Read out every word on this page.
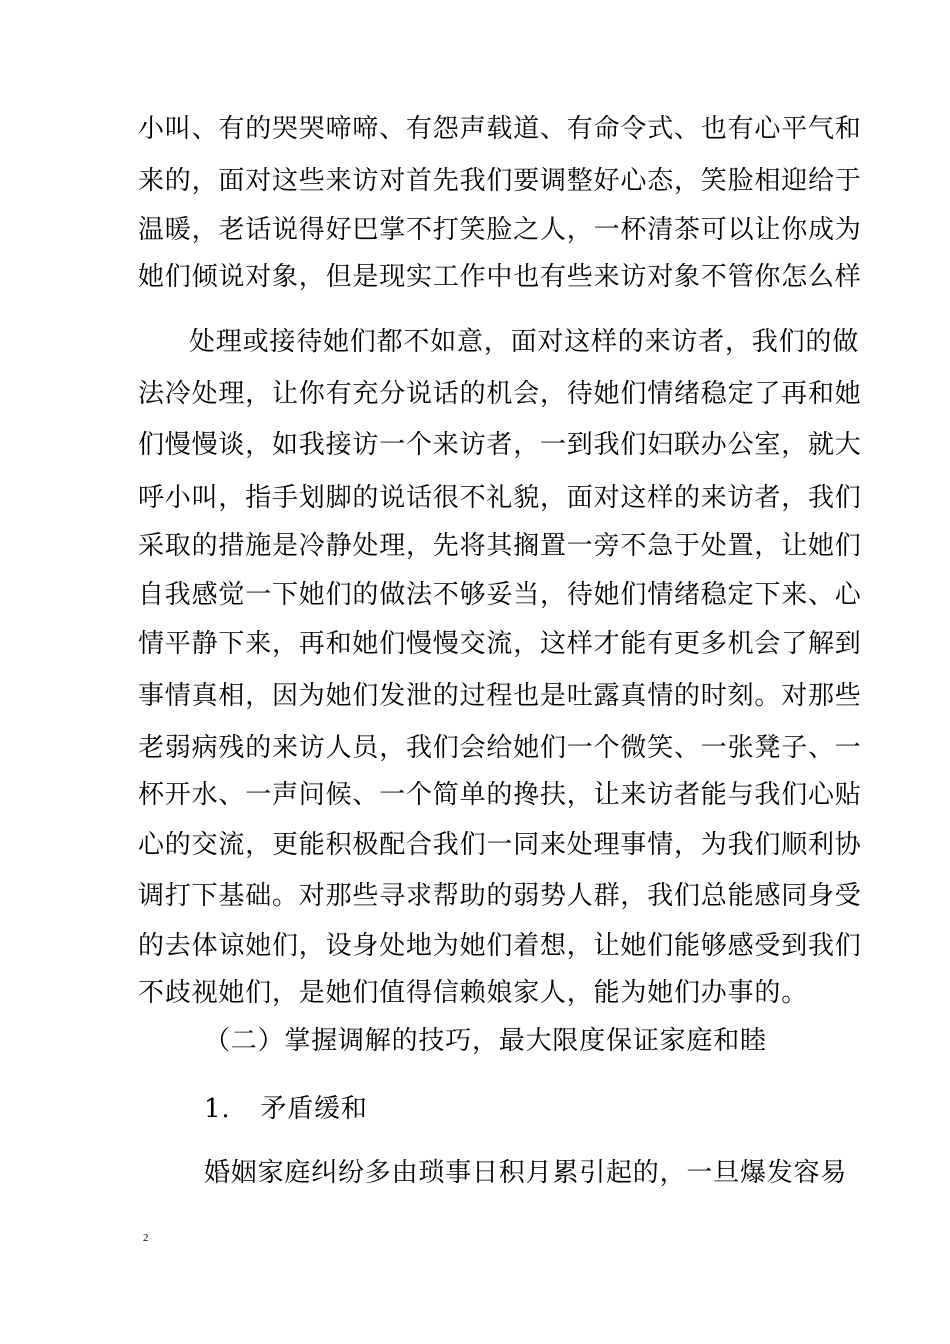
小叫、有的哭哭啼啼、有怨声载道、有命令式、也有心平气和
来的，面对这些来访对首先我们要调整好心态，笑脸相迎给于
温暖，老话说得好巴掌不打笑脸之人，一杯清茶可以让你成为
她们倾说对象，但是现实工作中也有些来访对象不管你怎么样
处理或接待她们都不如意，面对这样的来访者，我们的做
法冷处理，让你有充分说话的机会，待她们情绪稳定了再和她
们慢慢谈，如我接访一个来访者，一到我们妇联办公室，就大
呼小叫，指手划脚的说话很不礼貌，面对这样的来访者，我们
采取的措施是冷静处理，先将其搁置一旁不急于处置，让她们
自我感觉一下她们的做法不够妥当，待她们情绪稳定下来、心
情平静下来，再和她们慢慢交流，这样才能有更多机会了解到
事情真相，因为她们发泄的过程也是吐露真情的时刻。对那些
老弱病残的来访人员，我们会给她们一个微笑、一张凳子、一
杯开水、一声问候、一个简单的搀扶，让来访者能与我们心贴
心的交流，更能积极配合我们一同来处理事情，为我们顺利协
调打下基础。对那些寻求帮助的弱势人群，我们总能感同身受
的去体谅她们，设身处地为她们着想，让她们能够感受到我们
不歧视她们，是她们值得信赖娘家人，能为她们办事的。
（二）掌握调解的技巧，最大限度保证家庭和睦
1. 矛盾缓和
婚姻家庭纠纷多由琐事日积月累引起的，一旦爆发容易
2
